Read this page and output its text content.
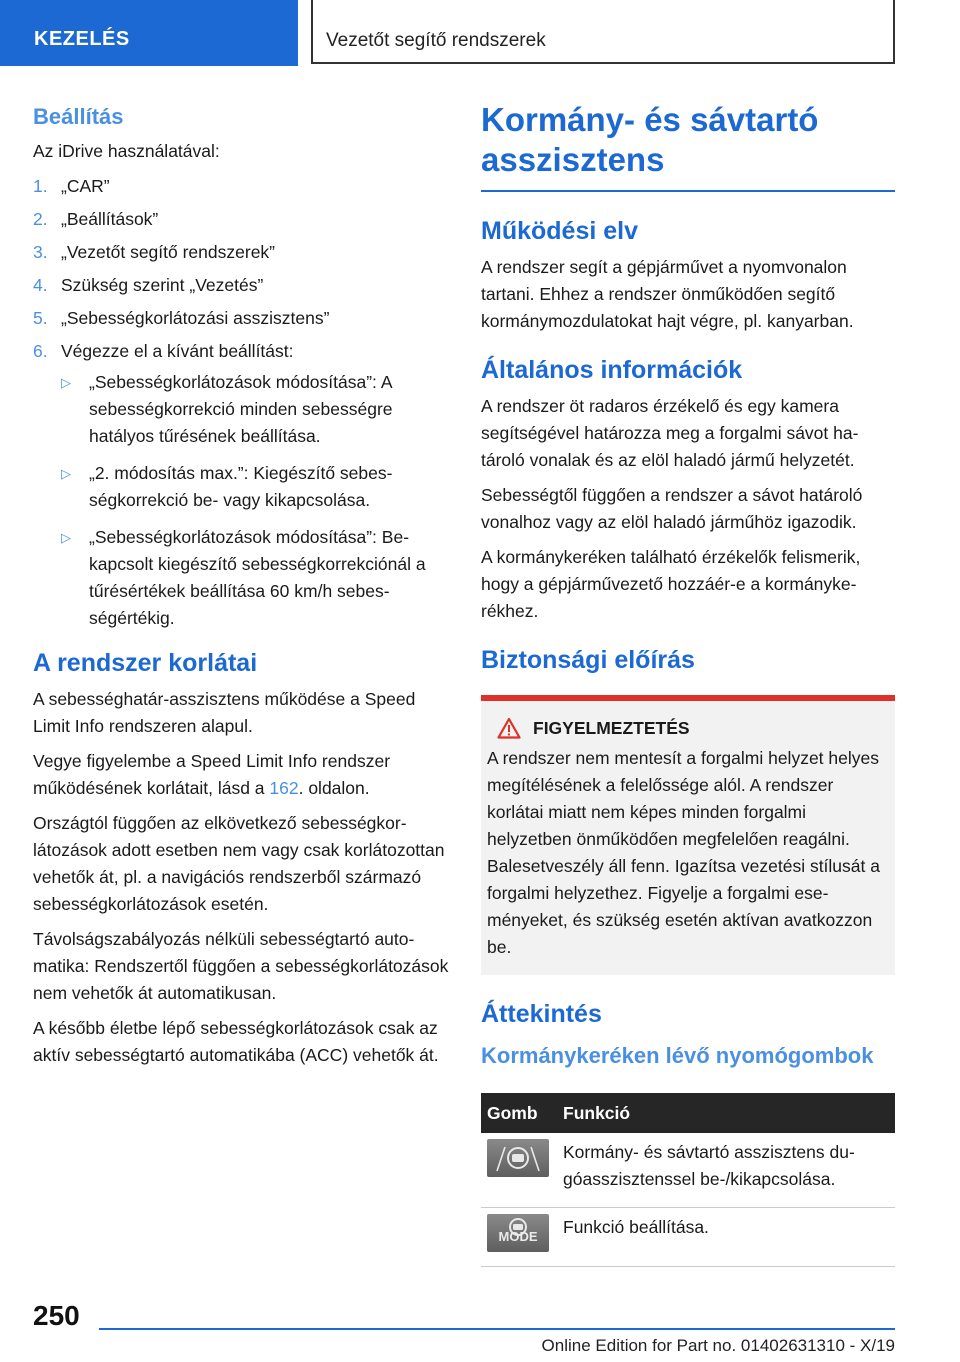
KEZELÉS	Vezetőt segítő rendszerek
Beállítás

Az iDrive használatával:

1. „CAR”
2. „Beállítások”
3. „Vezetőt segítő rendszerek”
4. Szükség szerint „Vezetés”
5. „Sebességkorlátozási asszisztens”
6. Végezze el a kívánt beállítást:
▷ „Sebességkorlátozások módosítása”: A sebességkorrekció minden sebességre hatályos tűrésének beállítása.
▷ „2. módosítás max.”: Kiegészítő sebességkorrekció be- vagy kikapcsolása.
▷ „Sebességkorlátozások módosítása”: Bekapcsolt kiegészítő sebességkorrekciónál a tűrésértékek beállítása 60 km/h sebességértékig.
A rendszer korlátai

A sebességhatár-asszisztens működése a Speed Limit Info rendszeren alapul.

Vegye figyelembe a Speed Limit Info rendszer működésének korlátait, lásd a 162. oldalon.

Országtól függően az elkövetkező sebességkorlátozások adott esetben nem vagy csak korlátozottan vehetők át, pl. a navigációs rendszerből származó sebességkorlátozások esetén.

Távolságszabályozás nélküli sebességtartó automatika: Rendszertől függően a sebességkorlátozások nem vehetők át automatikusan.

A később életbe lépő sebességkorlátozások csak az aktív sebességtartó automatikába (ACC) vehetők át.

Kormány- és sávtartó asszisztens
Működési elv

A rendszer segít a gépjárművet a nyomvonalon tartani. Ehhez a rendszer önműködően segítő kormánymozdulatokat hajt végre, pl. kanyarban.

Általános információk

A rendszer öt radaros érzékelő és egy kamera segítségével határozza meg a forgalmi sávot határoló vonalak és az elöl haladó jármű helyzetét.

Sebességtől függően a rendszer a sávot határoló vonalhoz vagy az elöl haladó járműhöz igazodik.

A kormánykeréken található érzékelők felismerik, hogy a gépjárművezető hozzáér-e a kormánykerékhez.

Biztonsági előírás
FIGYELMEZTETÉS

A rendszer nem mentesít a forgalmi helyzet helyes megítélésének a felelőssége alól. A rendszer korlátai miatt nem képes minden forgalmi helyzetben önműködően megfelelően reagálni. Balesetveszély áll fenn. Igazítsa vezetési stílusát a forgalmi helyzethez. Figyelje a forgalmi eseményeket, és szükség esetén aktívan avatkozzon be.

Áttekintés
Kormánykeréken lévő nyomógombok
Gomb	Funkció

	Kormány- és sávtartó asszisztens dugóasszisztenssel be-/kikapcsolása.

MODE	Funkció beállítása.
250
Online Edition for Part no. 01402631310 - X/19
